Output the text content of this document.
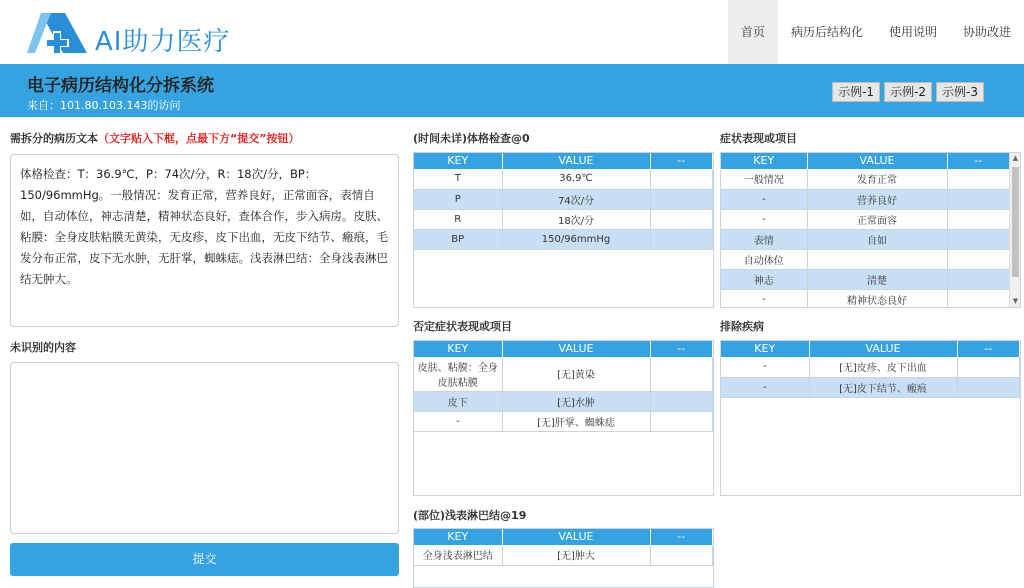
AI助力医疗	首页	病历后结构化	使用说明	协助改进
电子病历结构化分拆系统
来自：101.80.103.143的访问
示例-1	示例-2	示例-3
需拆分的病历文本（文字贴入下框，点最下方“提交”按钮）
体格检查：T：36.9℃，P：74次/分，R：18次/分，BP：150/96mmHg。一般情况：发育正常，营养良好，正常面容，表情自如，自动体位，神志清楚，精神状态良好，查体合作，步入病房。皮肤、粘膜：全身皮肤粘膜无黄染，无皮疹，皮下出血，无皮下结节、瘢痕，毛发分布正常，皮下无水肿，无肝掌，蜘蛛痣。浅表淋巴结：全身浅表淋巴结无肿大。
未识别的内容
提交
(时间未详)体格检查@0
KEY	VALUE	--
T	36.9℃	
P	74次/分	
R	18次/分	
BP	150/96mmHg	
症状表现或项目
KEY	VALUE	--
一般情况	发育正常	
-	营养良好	
-	正常面容	
表情	自如	
自动体位		
神志	清楚	
-	精神状态良好	
▲
▼
否定症状表现或项目
KEY	VALUE	--
皮肤、粘膜：全身皮肤粘膜	[无]黄染	
皮下	[无]水肿	
-	[无]肝掌、蜘蛛痣	
排除疾病
KEY	VALUE	--
-	[无]皮疹、皮下出血	
-	[无]皮下结节、瘢痕	
(部位)浅表淋巴结@19
KEY	VALUE	--
全身浅表淋巴结	[无]肿大	
